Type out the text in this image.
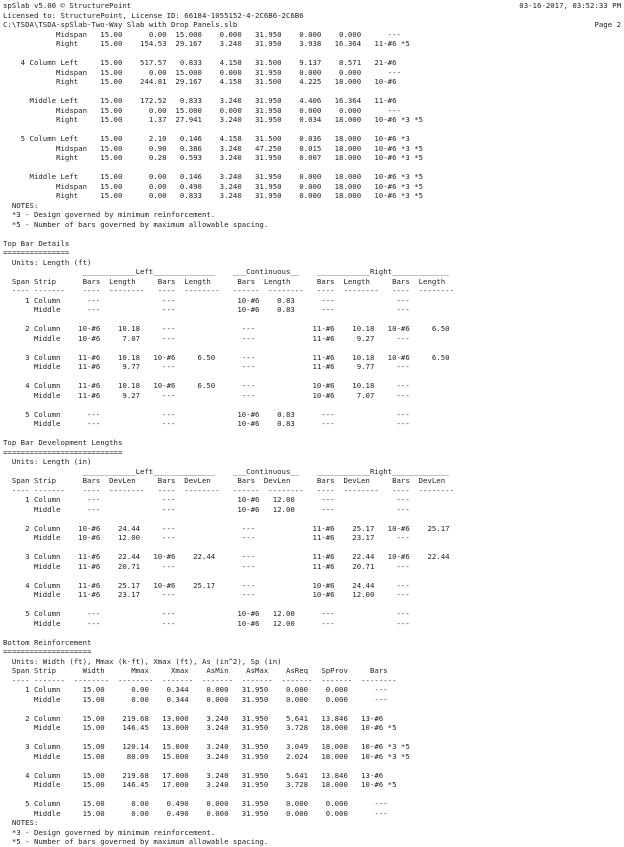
spSlab v5.00 © StructurePoint	03-16-2017, 03:52:33 PM
Licensed to: StructurePoint, License ID: 66184-1055152-4-2C6B6-2C6B6
C:\TSDA\TSDA-spSlab-Two-Way Slab with Drop Panels.slb	Page 2
Midspan   15.00      0.00  15.000    0.000   31.950    0.000    0.000      ---
Right     15.00    154.53  29.167    3.240   31.950    3.938   16.364   11-#6 *5
4 Column Left     15.00    517.57   0.833    4.158   31.500    9.137    8.571   21-#6
Midspan   15.00      0.00  15.000    0.000   31.950    0.000    0.000      ---
Right     15.00    244.81  29.167    4.158   31.500    4.225   18.000   10-#6
Middle Left     15.00    172.52   0.833    3.240   31.950    4.406   16.364   11-#6
Midspan   15.00      0.00  15.000    0.000   31.950    0.000    0.000      ---
Right     15.00      1.37  27.941    3.240   31.950    0.034   18.000   10-#6 *3 *5
5 Column Left     15.00      2.10   0.146    4.158   31.500    0.036   18.000   10-#6 *3
Midspan   15.00      0.90   0.386    3.240   47.250    0.015   18.000   10-#6 *3 *5
Right     15.00      0.28   0.593    3.240   31.950    0.007   18.000   10-#6 *3 *5
Middle Left     15.00      0.00   0.146    3.240   31.950    0.000   18.000   10-#6 *3 *5
Midspan   15.00      0.00   0.490    3.240   31.950    0.000   18.000   10-#6 *3 *5
Right     15.00      0.00   0.833    3.240   31.950    0.000   18.000   10-#6 *3 *5
NOTES:
*3 - Design governed by minimum reinforcement.
*5 - Number of bars governed by maximum allowable spacing.
Top Bar Details
===============
Units: Length (ft)
____________Left______________    ___Continuous__    ____________Right_____________
Span Strip      Bars  Length     Bars  Length      Bars  Length      Bars  Length     Bars  Length
---- -------    ----  --------   ----  --------   ------  --------   ----  --------   ----  --------
1 Column      ---              ---              10-#6    0.83      ---              ---
Middle      ---              ---              10-#6    0.83      ---              ---
2 Column    10-#6    10.18     ---               ---             11-#6    10.18   10-#6     6.50
Middle    10-#6     7.07     ---               ---             11-#6     9.27     ---
3 Column    11-#6    10.18   10-#6     6.50      ---             11-#6    10.18   10-#6     6.50
Middle    11-#6     9.77     ---               ---             11-#6     9.77     ---
4 Column    11-#6    10.18   10-#6     6.50      ---             10-#6    10.18     ---
Middle    11-#6     9.27     ---               ---             10-#6     7.07     ---
5 Column      ---              ---              10-#6    0.83      ---              ---
Middle      ---              ---              10-#6    0.83      ---              ---
Top Bar Development Lengths
===========================
Units: Length (in)
____________Left______________    ___Continuous__    ____________Right_____________
Span Strip      Bars  DevLen     Bars  DevLen      Bars  DevLen      Bars  DevLen     Bars  DevLen
---- -------    ----  --------   ----  --------   ------  --------   ----  --------   ----  --------
1 Column      ---              ---              10-#6   12.00      ---              ---
Middle      ---              ---              10-#6   12.00      ---              ---
2 Column    10-#6    24.44     ---               ---             11-#6    25.17   10-#6    25.17
Middle    10-#6    12.00     ---               ---             11-#6    23.17     ---
3 Column    11-#6    22.44   10-#6    22.44      ---             11-#6    22.44   10-#6    22.44
Middle    11-#6    20.71     ---               ---             11-#6    20.71     ---
4 Column    11-#6    25.17   10-#6    25.17      ---             10-#6    24.44     ---
Middle    11-#6    23.17     ---               ---             10-#6    12.00     ---
5 Column      ---              ---              10-#6   12.00      ---              ---
Middle      ---              ---              10-#6   12.00      ---              ---
Bottom Reinforcement
====================
Units: Width (ft), Mmax (k-ft), Xmax (ft), As (in^2), Sp (in)
Span Strip      Width      Mmax     Xmax    AsMin    AsMax    AsReq   SpProv     Bars
---- -------  --------  --------  -------  -------  -------  -------  -------  --------
1 Column     15.00      0.00    0.344    0.000   31.950    0.000    0.000      ---
Middle     15.00      0.00    0.344    0.000   31.950    0.000    0.000      ---
2 Column     15.00    219.68   13.000    3.240   31.950    5.641   13.846   13-#6
Middle     15.00    146.45   13.000    3.240   31.950    3.728   18.000   10-#6 *5
3 Column     15.00    120.14   15.000    3.240   31.950    3.049   18.000   10-#6 *3 *5
Middle     15.00     80.09   15.000    3.240   31.950    2.024   18.000   10-#6 *3 *5
4 Column     15.00    219.68   17.000    3.240   31.950    5.641   13.846   13-#6
Middle     15.00    146.45   17.000    3.240   31.950    3.728   18.000   10-#6 *5
5 Column     15.00      0.00    0.490    0.000   31.950    0.000    0.000      ---
Middle     15.00      0.00    0.490    0.000   31.950    0.000    0.000      ---
NOTES:
*3 - Design governed by minimum reinforcement.
*5 - Number of bars governed by maximum allowable spacing.
